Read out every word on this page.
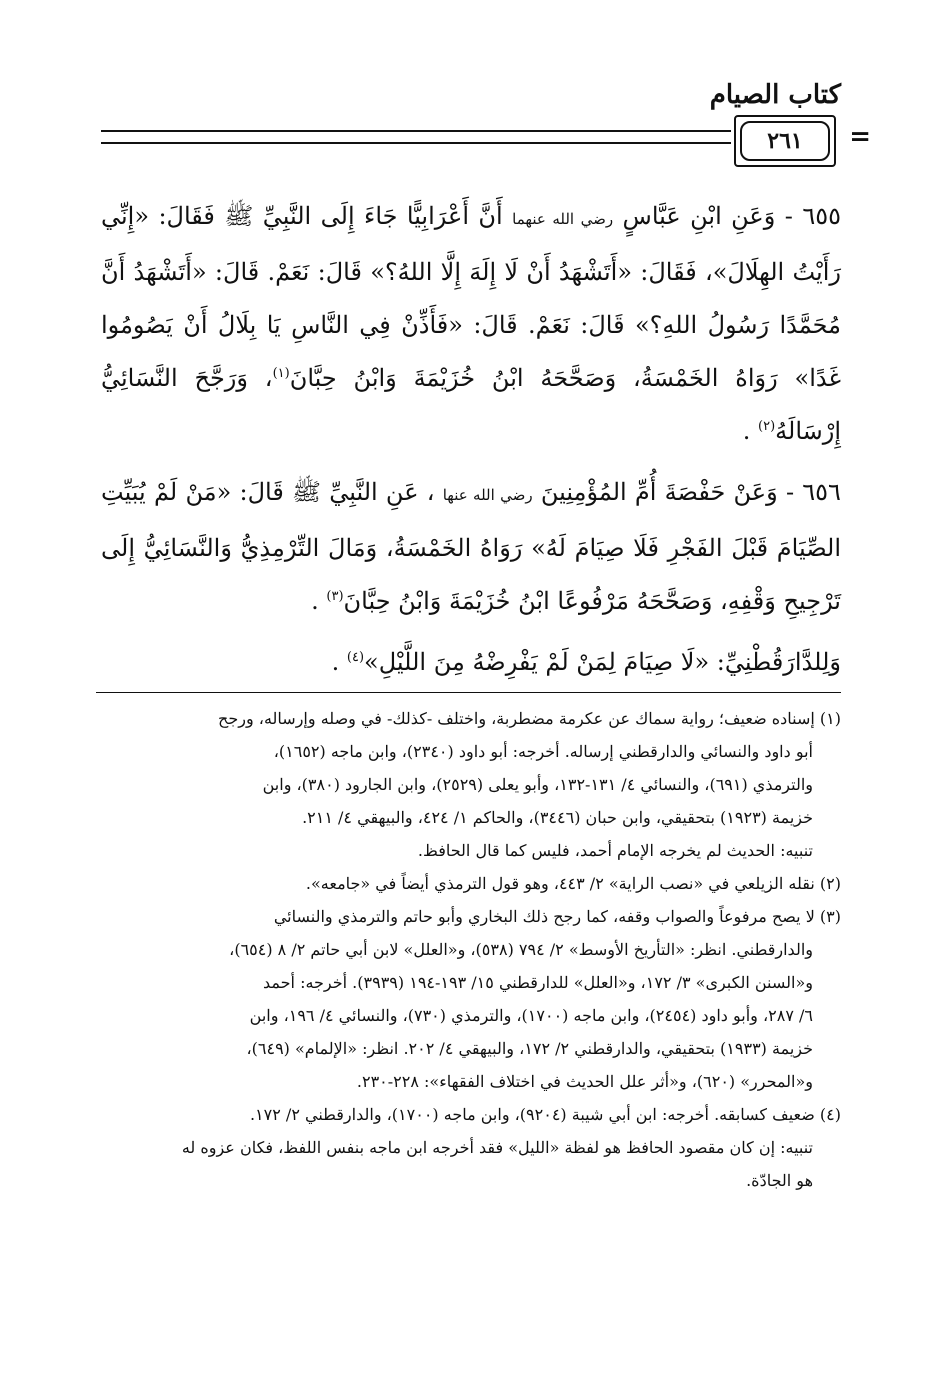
كتاب الصيام
٢٦١	=

٦٥٥ - وَعَنِ ابْنِ عَبَّاسٍ رضي الله عنهما أَنَّ أَعْرَابِيًّا جَاءَ إِلَى النَّبِيِّ ﷺ فَقَالَ: «إِنِّي رَأَيْتُ الهِلَالَ»، فَقَالَ: «أَتَشْهَدُ أَنْ لَا إِلَهَ إِلَّا اللهُ؟» قَالَ: نَعَمْ. قَالَ: «أَتَشْهَدُ أَنَّ مُحَمَّدًا رَسُولُ اللهِ؟» قَالَ: نَعَمْ. قَالَ: «فَأَذِّنْ فِي النَّاسِ يَا بِلَالُ أَنْ يَصُومُوا غَدًا» رَوَاهُ الخَمْسَةُ، وَصَحَّحَهُ ابْنُ خُزَيْمَةَ وَابْنُ حِبَّانَ$^{(١)}$، وَرَجَّحَ النَّسَائِيُّ إِرْسَالَهُ$^{(٢)}$ .

٦٥٦ - وَعَنْ حَفْصَةَ أُمِّ المُؤْمِنِينَ رضي الله عنها ، عَنِ النَّبِيِّ ﷺ قَالَ: «مَنْ لَمْ يُبَيِّتِ الصِّيَامَ قَبْلَ الفَجْرِ فَلَا صِيَامَ لَهُ» رَوَاهُ الخَمْسَةُ، وَمَالَ التِّرْمِذِيُّ وَالنَّسَائِيُّ إِلَى تَرْجِيحِ وَقْفِهِ، وَصَحَّحَهُ مَرْفُوعًا ابْنُ خُزَيْمَةَ وَابْنُ حِبَّانَ$^{(٣)}$ .

وَلِلدَّارَقُطْنِيِّ: «لَا صِيَامَ لِمَنْ لَمْ يَفْرِضْهُ مِنَ اللَّيْلِ»$^{(٤)}$ .

(١) إسناده ضعيف؛ رواية سماك عن عكرمة مضطربة، واختلف -كذلك- في وصله وإرساله، ورجح
أبو داود والنسائي والدارقطني إرساله. أخرجه: أبو داود (٢٣٤٠)، وابن ماجه (١٦٥٢)،
والترمذي (٦٩١)، والنسائي ٤/ ١٣١-١٣٢، وأبو يعلى (٢٥٢٩)، وابن الجارود (٣٨٠)، وابن
خزيمة (١٩٢٣) بتحقيقي، وابن حبان (٣٤٤٦)، والحاكم ١/ ٤٢٤، والبيهقي ٤/ ٢١١.
تنبيه: الحديث لم يخرجه الإمام أحمد، فليس كما قال الحافظ.
(٢) نقله الزيلعي في «نصب الراية» ٢/ ٤٤٣، وهو قول الترمذي أيضاً في «جامعه».
(٣) لا يصح مرفوعاً والصواب وقفه، كما رجح ذلك البخاري وأبو حاتم والترمذي والنسائي
والدارقطني. انظر: «التأريخ الأوسط» ٢/ ٧٩٤ (٥٣٨)، و«العلل» لابن أبي حاتم ٢/ ٨ (٦٥٤)،
و«السنن الكبرى» ٣/ ١٧٢، و«العلل» للدارقطني ١٥/ ١٩٣-١٩٤ (٣٩٣٩). أخرجه: أحمد
٦/ ٢٨٧، وأبو داود (٢٤٥٤)، وابن ماجه (١٧٠٠)، والترمذي (٧٣٠)، والنسائي ٤/ ١٩٦، وابن
خزيمة (١٩٣٣) بتحقيقي، والدارقطني ٢/ ١٧٢، والبيهقي ٤/ ٢٠٢. انظر: «الإلمام» (٦٤٩)،
و«المحرر» (٦٢٠)، و«أثر علل الحديث في اختلاف الفقهاء»: ٢٢٨-٢٣٠.
(٤) ضعيف كسابقه. أخرجه: ابن أبي شيبة (٩٢٠٤)، وابن ماجه (١٧٠٠)، والدارقطني ٢/ ١٧٢.
تنبيه: إن كان مقصود الحافظ هو لفظة «الليل» فقد أخرجه ابن ماجه بنفس اللفظ، فكان عزوه له
هو الجادّة.
